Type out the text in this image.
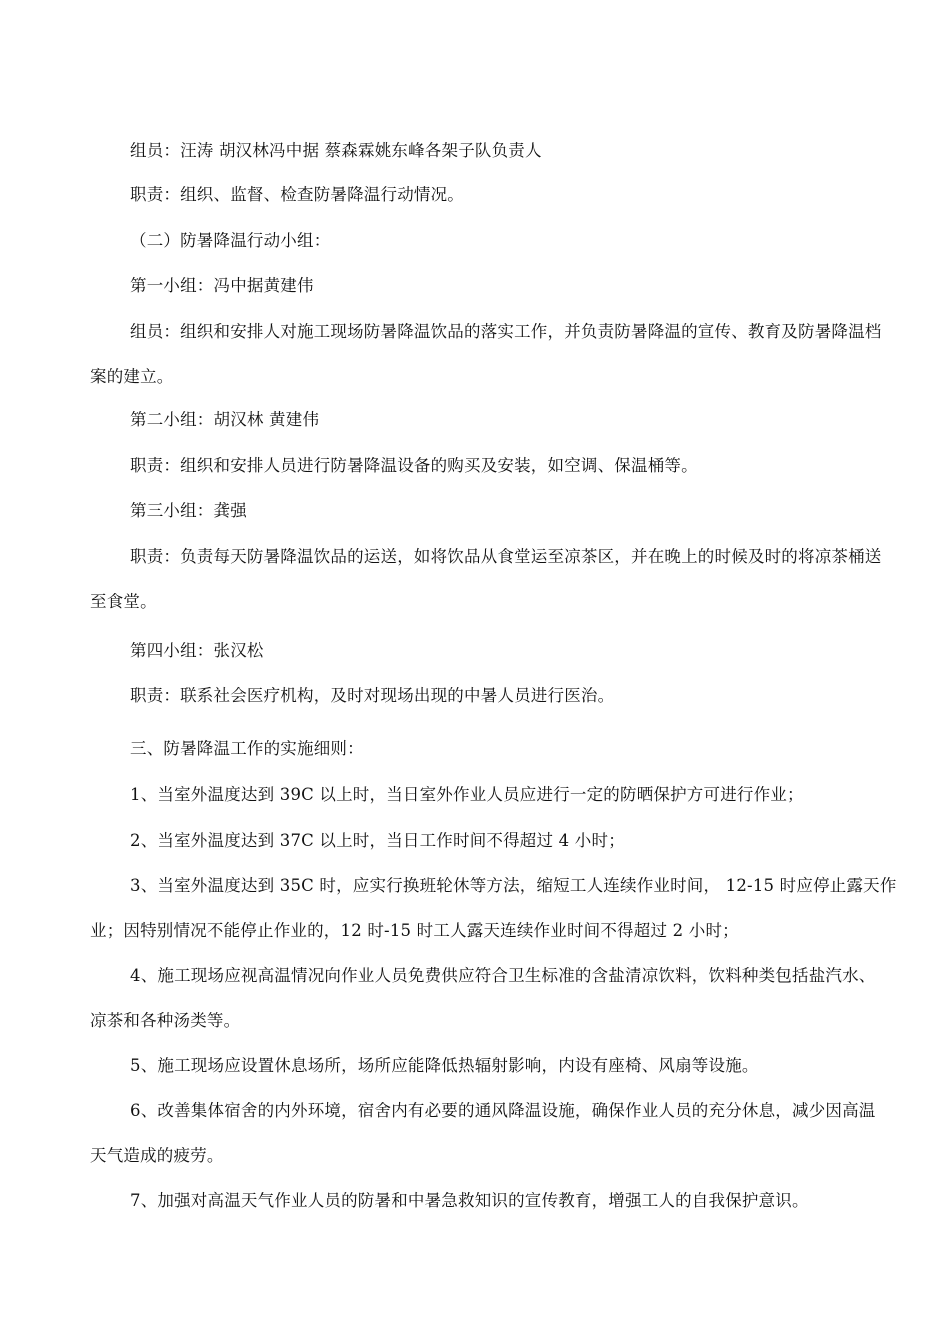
组员：汪涛 胡汉林冯中据 蔡森霖姚东峰各架子队负责人

职责：组织、监督、检查防暑降温行动情况。

（二）防暑降温行动小组：

第一小组：冯中据黄建伟

组员：组织和安排人对施工现场防暑降温饮品的落实工作，并负责防暑降温的宣传、教育及防暑降温档
案的建立。

第二小组：胡汉林 黄建伟

职责：组织和安排人员进行防暑降温设备的购买及安装，如空调、保温桶等。

第三小组：龚强

职责：负责每天防暑降温饮品的运送，如将饮品从食堂运至凉茶区，并在晚上的时候及时的将凉茶桶送
至食堂。

第四小组：张汉松

职责：联系社会医疗机构，及时对现场出现的中暑人员进行医治。

三、防暑降温工作的实施细则：

1、当室外温度达到 39C 以上时，当日室外作业人员应进行一定的防晒保护方可进行作业；

2、当室外温度达到 37C 以上时，当日工作时间不得超过 4 小时；

3、当室外温度达到 35C 时，应实行换班轮休等方法，缩短工人连续作业时间， 12-15 时应停止露天作
业；因特别情况不能停止作业的，12 时-15 时工人露天连续作业时间不得超过 2 小时；

4、施工现场应视高温情况向作业人员免费供应符合卫生标准的含盐清凉饮料，饮料种类包括盐汽水、
凉茶和各种汤类等。

5、施工现场应设置休息场所，场所应能降低热辐射影响，内设有座椅、风扇等设施。

6、改善集体宿舍的内外环境，宿舍内有必要的通风降温设施，确保作业人员的充分休息，减少因高温
天气造成的疲劳。

7、加强对高温天气作业人员的防暑和中暑急救知识的宣传教育，增强工人的自我保护意识。
